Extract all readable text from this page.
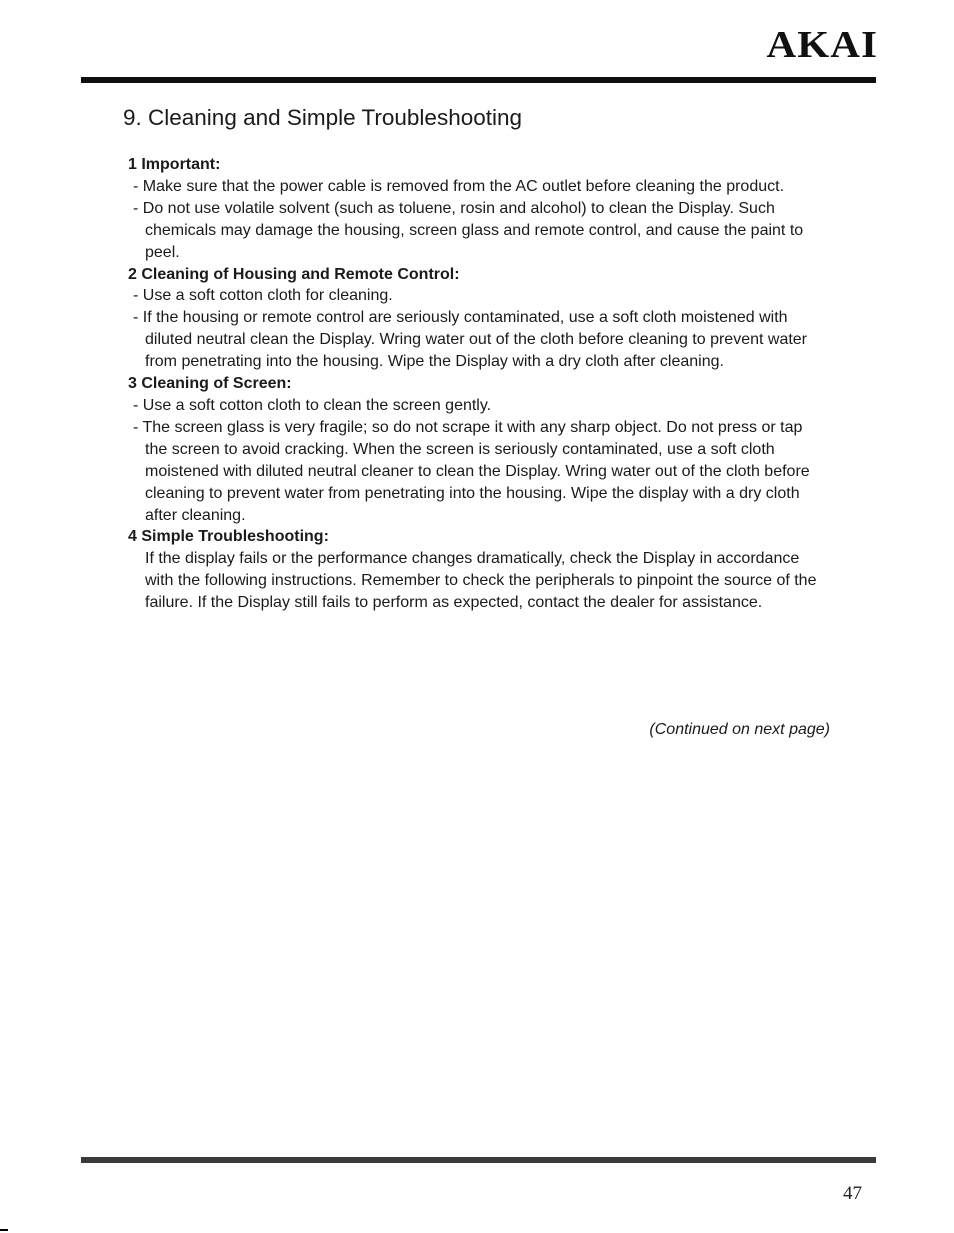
AKAI
9. Cleaning and Simple Troubleshooting
1 Important:
- Make sure that the power cable is removed from the AC outlet before cleaning the product.
- Do not use volatile solvent (such as toluene, rosin and alcohol) to clean the Display. Such chemicals may damage the housing, screen glass and remote control, and cause the paint to peel.
2 Cleaning of Housing and Remote Control:
- Use a soft cotton cloth for cleaning.
- If the housing or remote control are seriously contaminated, use a soft cloth moistened with diluted neutral clean the Display. Wring water out of the cloth before cleaning to prevent water from penetrating into the housing. Wipe the Display with a dry cloth after cleaning.
3 Cleaning of Screen:
- Use a soft cotton cloth to clean the screen gently.
- The screen glass is very fragile; so do not scrape it with any sharp object. Do not press or tap the screen to avoid cracking. When the screen is seriously contaminated, use a soft cloth moistened with diluted neutral cleaner to clean the Display. Wring water out of the cloth before cleaning to prevent water from penetrating into the housing. Wipe the display with a dry cloth after cleaning.
4 Simple Troubleshooting:
If the display fails or the performance changes dramatically, check the Display in accordance with the following instructions. Remember to check the peripherals to pinpoint the source of the failure. If the Display still fails to perform as expected, contact the dealer for assistance.
(Continued on next page)
47
